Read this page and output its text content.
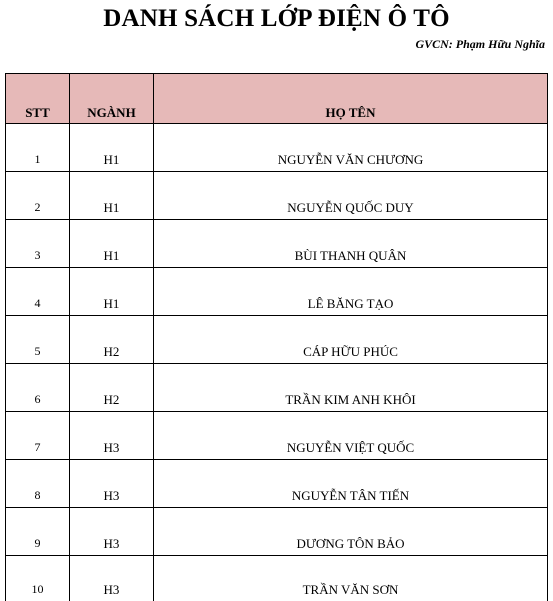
DANH SÁCH LỚP ĐIỆN Ô TÔ
GVCN: Phạm Hữu Nghĩa
STT	NGÀNH	HỌ TÊN
1	H1	NGUYỄN VĂN CHƯƠNG
2	H1	NGUYỄN QUỐC DUY
3	H1	BÙI THANH QUÂN
4	H1	LÊ BĂNG TẠO
5	H2	CÁP HỮU PHÚC
6	H2	TRẦN KIM ANH KHÔI
7	H3	NGUYỄN VIỆT QUỐC
8	H3	NGUYỄN TÂN TIẾN
9	H3	DƯƠNG TÔN BẢO
10	H3	TRẦN VĂN SƠN
